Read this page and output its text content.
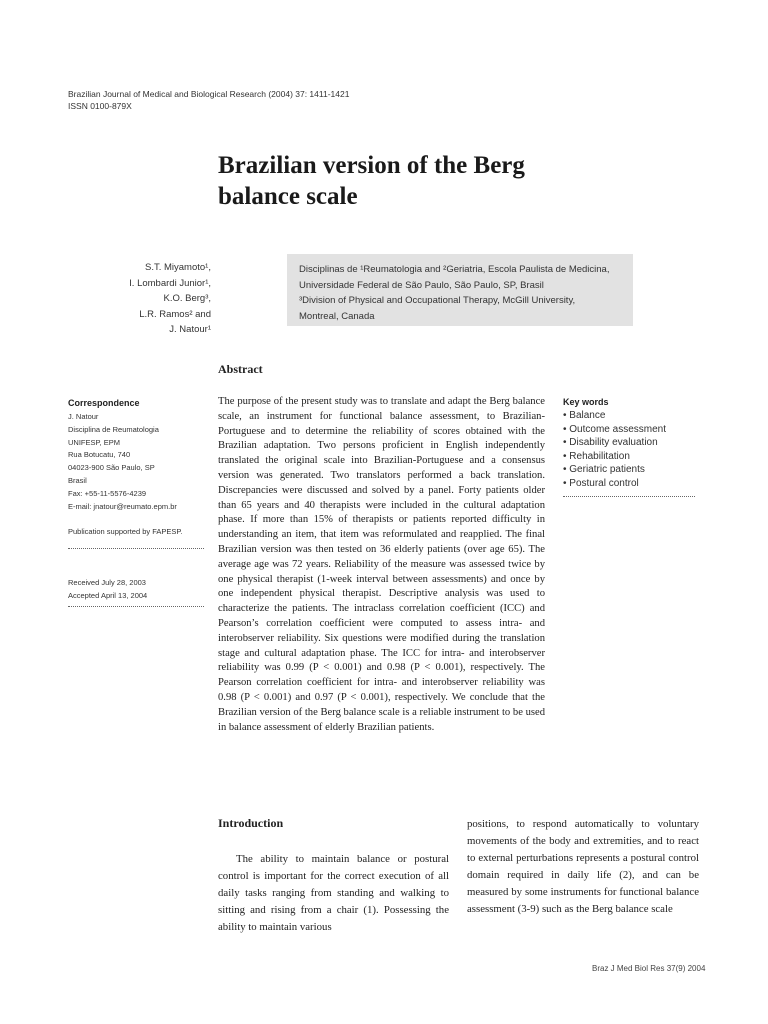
Brazilian Journal of Medical and Biological Research (2004) 37: 1411-1421
ISSN 0100-879X
Brazilian version of the Berg
balance scale
S.T. Miyamoto¹,
I. Lombardi Junior¹,
K.O. Berg³,
L.R. Ramos² and
J. Natour¹
Disciplinas de ¹Reumatologia and ²Geriatria, Escola Paulista de Medicina,
Universidade Federal de São Paulo, São Paulo, SP, Brasil
³Division of Physical and Occupational Therapy, McGill University,
Montreal, Canada
Correspondence
J. Natour
Disciplina de Reumatologia
UNIFESP, EPM
Rua Botucatu, 740
04023-900 São Paulo, SP
Brasil
Fax: +55-11-5576-4239
E-mail: jnatour@reumato.epm.br
Publication supported by FAPESP.
Received July 28, 2003
Accepted April 13, 2004
Abstract

The purpose of the present study was to translate and adapt the Berg balance scale, an instrument for functional balance assessment, to Brazilian-Portuguese and to determine the reliability of scores obtained with the Brazilian adaptation. Two persons proficient in English independently translated the original scale into Brazilian-Portuguese and a consensus version was generated. Two translators performed a back translation. Discrepancies were discussed and solved by a panel. Forty patients older than 65 years and 40 therapists were included in the cultural adaptation phase. If more than 15% of therapists or patients reported difficulty in understanding an item, that item was reformulated and reapplied. The final Brazilian version was then tested on 36 elderly patients (over age 65). The average age was 72 years. Reliability of the measure was assessed twice by one physical therapist (1-week interval between assessments) and once by one independent physical therapist. Descriptive analysis was used to characterize the patients. The intraclass correlation coefficient (ICC) and Pearson’s correlation coefficient were computed to assess intra- and interobserver reliability. Six questions were modified during the translation stage and cultural adaptation phase. The ICC for intra- and interobserver reliability was 0.99 (P < 0.001) and 0.98 (P < 0.001), respectively. The Pearson correlation coefficient for intra- and interobserver reliability was 0.98 (P < 0.001) and 0.97 (P < 0.001), respectively. We conclude that the Brazilian version of the Berg balance scale is a reliable instrument to be used in balance assessment of elderly Brazilian patients.

Key words
• Balance
• Outcome assessment
• Disability evaluation
• Rehabilitation
• Geriatric patients
• Postural control
Introduction

The ability to maintain balance or postural control is important for the correct execution of all daily tasks ranging from standing and walking to sitting and rising from a chair (1). Possessing the ability to maintain various

positions, to respond automatically to voluntary movements of the body and extremities, and to react to external perturbations represents a postural control domain required in daily life (2), and can be measured by some instruments for functional balance assessment (3-9) such as the Berg balance scale

Braz J Med Biol Res 37(9) 2004
